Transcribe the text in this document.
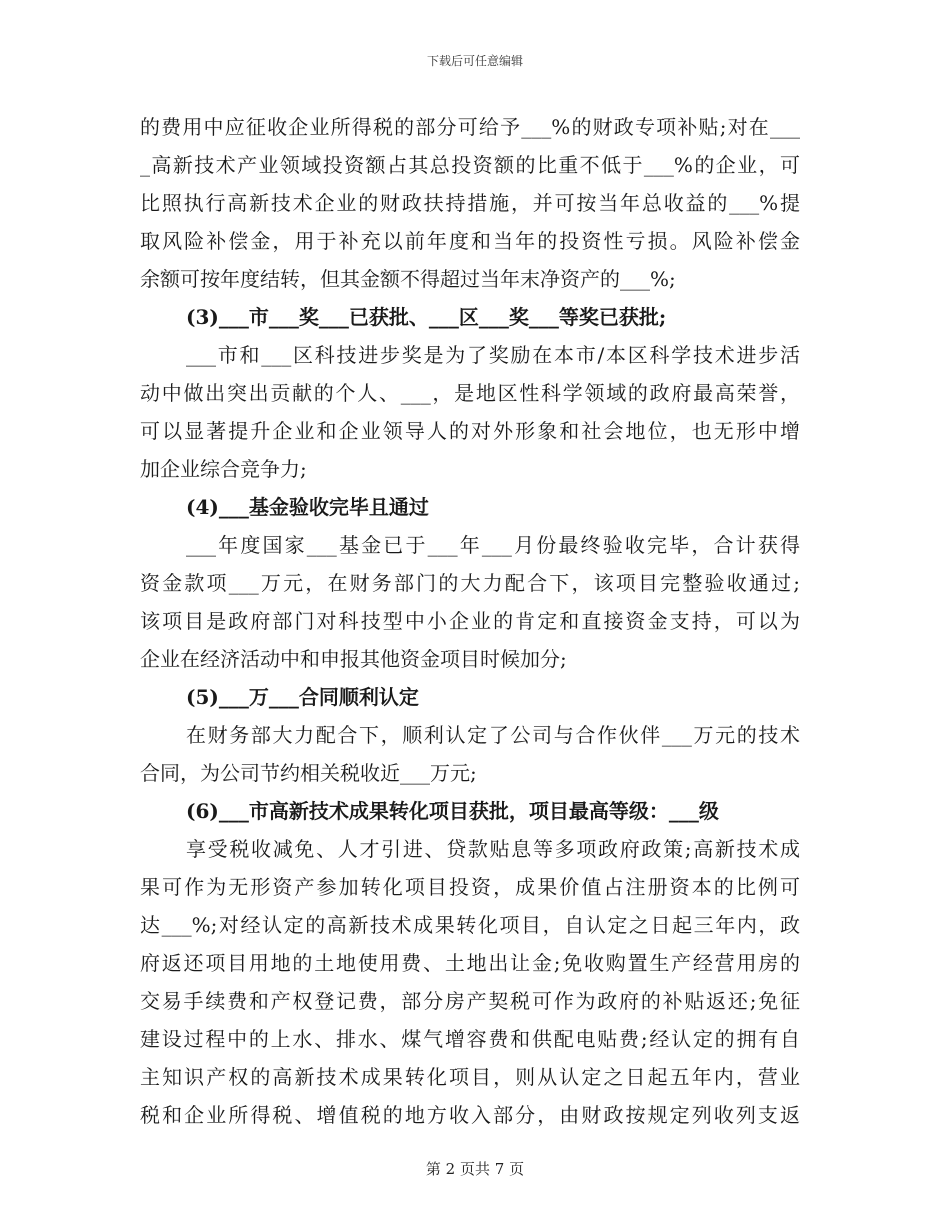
下载后可任意编辑
的费用中应征收企业所得税的部分可给予___%的财政专项补贴;对在___
_高新技术产业领域投资额占其总投资额的比重不低于___%的企业，可
比照执行高新技术企业的财政扶持措施，并可按当年总收益的___%提
取风险补偿金，用于补充以前年度和当年的投资性亏损。风险补偿金
余额可按年度结转，但其金额不得超过当年末净资产的___%;
(3)___市___奖___已获批、___区___奖___等奖已获批;
___市和___区科技进步奖是为了奖励在本市/本区科学技术进步活
动中做出突出贡献的个人、___，是地区性科学领域的政府最高荣誉，
可以显著提升企业和企业领导人的对外形象和社会地位，也无形中增
加企业综合竞争力;
(4)___基金验收完毕且通过
___年度国家___基金已于___年___月份最终验收完毕，合计获得
资金款项___万元，在财务部门的大力配合下，该项目完整验收通过;
该项目是政府部门对科技型中小企业的肯定和直接资金支持，可以为
企业在经济活动中和申报其他资金项目时候加分;
(5)___万___合同顺利认定
在财务部大力配合下，顺利认定了公司与合作伙伴___万元的技术
合同，为公司节约相关税收近___万元;
(6)___市高新技术成果转化项目获批，项目最高等级：___级
享受税收减免、人才引进、贷款贴息等多项政府政策;高新技术成
果可作为无形资产参加转化项目投资，成果价值占注册资本的比例可
达___%;对经认定的高新技术成果转化项目，自认定之日起三年内，政
府返还项目用地的土地使用费、土地出让金;免收购置生产经营用房的
交易手续费和产权登记费，部分房产契税可作为政府的补贴返还;免征
建设过程中的上水、排水、煤气增容费和供配电贴费;经认定的拥有自
主知识产权的高新技术成果转化项目，则从认定之日起五年内，营业
税和企业所得税、增值税的地方收入部分，由财政按规定列收列支返
第 2 页共 7 页
